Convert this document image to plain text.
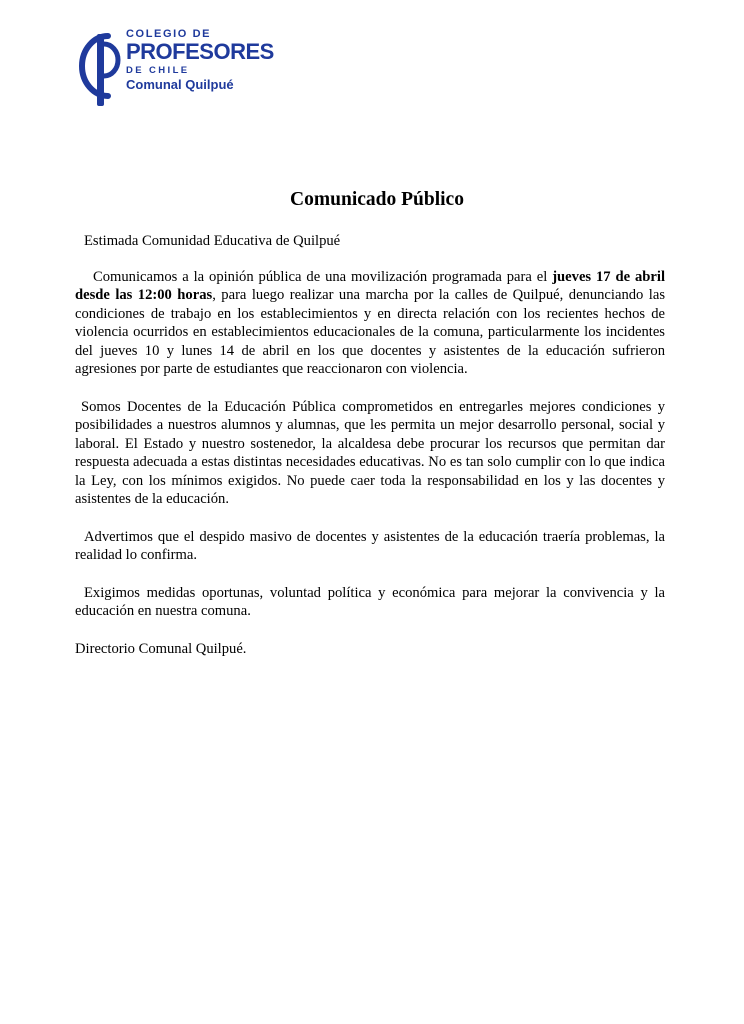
COLEGIO DE
PROFESORES
DE CHILE
Comunal Quilpué
Comunicado Público

Estimada Comunidad Educativa de Quilpué

Comunicamos a la opinión pública de una movilización programada para el jueves 17 de abril desde las 12:00 horas, para luego realizar una marcha por la calles de Quilpué, denunciando las condiciones de trabajo en los establecimientos y en directa relación con los recientes hechos de violencia ocurridos en establecimientos educacionales de la comuna, particularmente los incidentes del jueves 10 y lunes 14 de abril en los que docentes y asistentes de la educación sufrieron agresiones por parte de estudiantes que reaccionaron con violencia.

Somos Docentes de la Educación Pública comprometidos en entregarles mejores condiciones y posibilidades a nuestros alumnos y alumnas, que les permita un mejor desarrollo personal, social y laboral. El Estado y nuestro sostenedor, la alcaldesa debe procurar los recursos que permitan dar respuesta adecuada a estas distintas necesidades educativas. No es tan solo cumplir con lo que indica la Ley, con los mínimos exigidos. No puede caer toda la responsabilidad en los y las docentes y asistentes de la educación.

Advertimos que el despido masivo de docentes y asistentes de la educación traería problemas, la realidad lo confirma.

Exigimos medidas oportunas, voluntad política y económica para mejorar la convivencia y la educación en nuestra comuna.

Directorio Comunal Quilpué.
